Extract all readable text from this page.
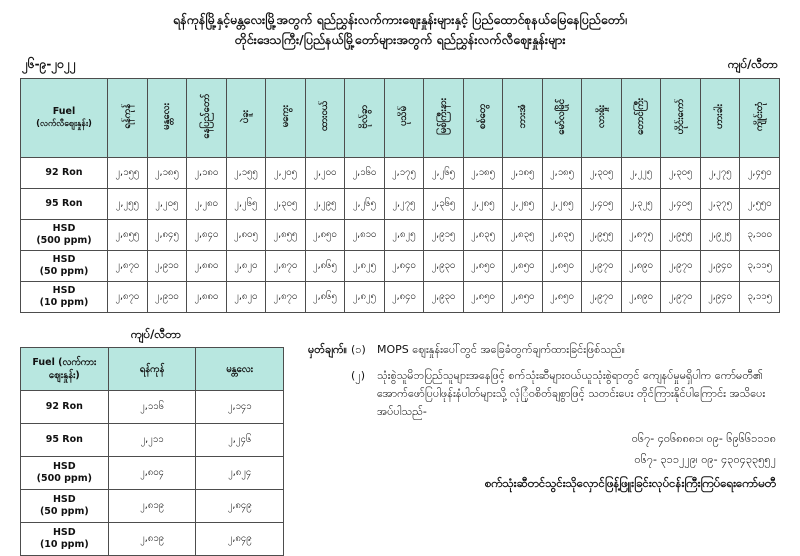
ရန်ကုန်မြို့နှင့်မန္တလေးမြို့အတွက် ရည်ညွှန်းလက်ကားဈေးနှုန်းများနှင့် ပြည်ထောင်စုနယ်မြေနေပြည်တော်၊
တိုင်းဒေသကြီး/ပြည်နယ်မြို့တော်များအတွက် ရည်ညွှန်းလက်လီဈေးနှုန်းများ
၂၆-၉-၂၀၂၂	ကျပ်/လီတာ
Fuel
(လက်လီဈေးနှုန်း)	ရန်ကုန်	မန္တလေး	နေပြည်တော်	ပဲခူး	မကွေး	ထားဝယ်	ဗိုလ်ခွာ	ပုသိမ်	မြစ်ကြီးနား	စစ်တွေ	ဘားအံ	မော်လမြိုင်	လားရှိုး	တောင်ကြီး	ဟိုင်းကော်	ဟားခါး	ကျိုင်းတုံ
92 Ron	၂,၁၅၅	၂,၁၈၅	၂,၁၈၀	၂,၁၅၅	၂,၂၀၅	၂,၂၀၀	၂,၁၆၀	၂,၁၇၅	၂,၂၆၅	၂,၁၈၅	၂,၁၈၅	၂,၁၈၅	၂,၃၀၅	၂,၂၂၅	၂,၃၀၅	၂,၂၇၅	၂,၄၅၀
95 Ron	၂,၂၅၅	၂,၂၀၅	၂,၂၈၀	၂,၂၆၅	၂,၃၀၅	၂,၂၉၅	၂,၂၆၅	၂,၂၇၅	၂,၃၆၅	၂,၂၈၅	၂,၂၈၅	၂,၂၈၅	၂,၄၀၅	၂,၃၂၅	၂,၄၀၅	၂,၃၇၅	၂,၅၅၀
HSD
(500 ppm)	၂,၈၅၅	၂,၈၄၅	၂,၈၄၀	၂,၈၀၅	၂,၈၅၅	၂,၈၅၀	၂,၈၁၀	၂,၈၂၅	၂,၉၁၅	၂,၈၃၅	၂,၈၃၅	၂,၈၃၅	၂,၉၅၅	၂,၈၇၅	၂,၉၅၅	၂,၉၂၅	၃,၁၀၀
HSD
(50 ppm)	၂,၈၇၀	၂,၉၁၀	၂,၈၈၀	၂,၈၂၀	၂,၈၇၀	၂,၈၆၅	၂,၈၂၅	၂,၈၄၀	၂,၉၃၀	၂,၈၅၀	၂,၈၅၀	၂,၈၅၀	၂,၉၇၀	၂,၈၉၀	၂,၉၇၀	၂,၉၄၀	၃,၁၁၅
HSD
(10 ppm)	၂,၈၇၀	၂,၉၁၀	၂,၈၈၀	၂,၈၂၀	၂,၈၇၀	၂,၈၆၅	၂,၈၂၅	၂,၈၄၀	၂,၉၃၀	၂,၈၅၀	၂,၈၅၀	၂,၈၅၀	၂,၉၇၀	၂,၈၉၀	၂,၉၇၀	၂,၉၄၀	၃,၁၁၅
ကျပ်/လီတာ
Fuel (လက်ကားဈေးနှုန်း)	ရန်ကုန်	မန္တလေး
92 Ron	၂,၁၁၆	၂,၁၄၁
95 Ron	၂,၂၁၁	၂,၂၄၆
HSD
(500 ppm)	၂,၈၀၄	၂,၈၂၄
HSD
(50 ppm)	၂,၈၁၉	၂,၈၄၉
HSD
(10 ppm)	၂,၈၁၉	၂,၈၄၉
မှတ်ချက်။ (၁)	MOPS ဈေးနှုန်းပေါ်တွင် အခြေခံတွက်ချက်ထားခြင်းဖြစ်သည်။
(၂)	သုံးစွဲသူမိဘပြည်သူများအနေဖြင့် စက်သုံးဆီများဝယ်ယူသုံးစွဲရာတွင် ကျေနပ်မှုမရှိပါက ကော်မတီ၏ အောက်ဖော်ပြပါဖုန်းနံပါတ်များသို့ လုံြုံဝစိတ်ချစွာဖြင့် သတင်းပေး တိုင်ကြားနိုင်ပါကြောင်း အသိပေးအပ်ပါသည်-
၀၆၇- ၄၀၆၈၈၈၁၊ ၀၉- ၆၉၆၆၁၁၁၈
၀၆၇- ၃၁၁၂၂၉၊ ၀၉- ၄၃၀၄၃၃၅၅၂
စက်သုံးဆီတင်သွင်းသိုလှောင်ဖြန့်ဖြူးခြင်းလုပ်ငန်းကြီးကြပ်ရေးကော်မတီ
